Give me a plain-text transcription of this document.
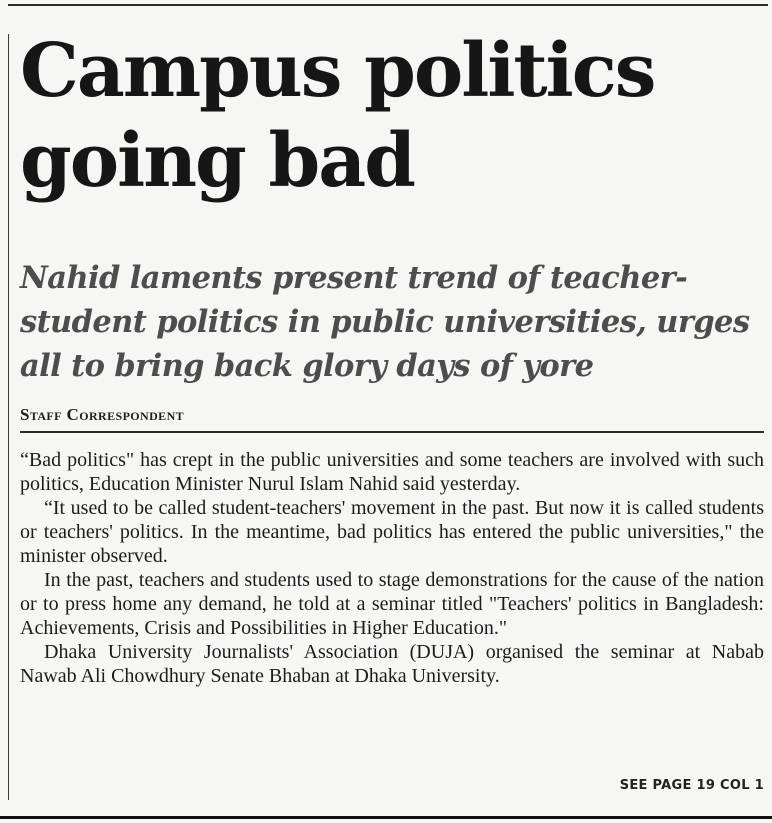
Campus politics going bad
Nahid laments present trend of teacher-student politics in public universities, urges all to bring back glory days of yore
Staff Correspondent

“Bad politics" has crept in the public universities and some teachers are involved with such politics, Education Minister Nurul Islam Nahid said yesterday.

“It used to be called student-teachers' movement in the past. But now it is called students or teachers' politics. In the meantime, bad politics has entered the public universities," the minister observed.

In the past, teachers and students used to stage demonstrations for the cause of the nation or to press home any demand, he told at a seminar titled "Teachers' politics in Bangladesh: Achievements, Crisis and Possibilities in Higher Education."

Dhaka University Journalists' Association (DUJA) organised the seminar at Nabab Nawab Ali Chowdhury Senate Bhaban at Dhaka University.

SEE PAGE 19 COL 1
